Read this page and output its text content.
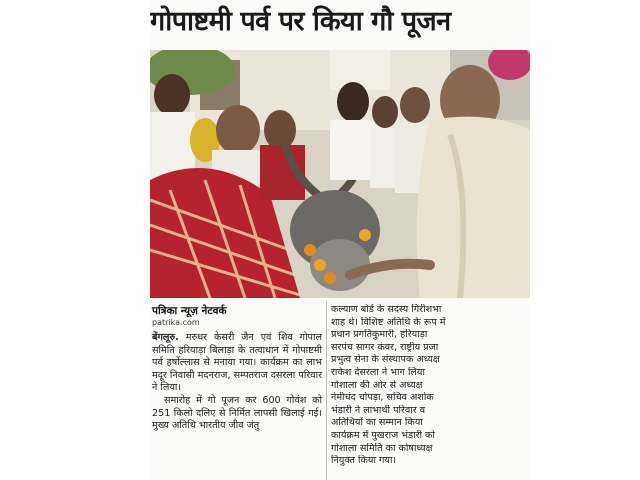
गोपाष्टमी पर्व पर किया गौ पूजन
पत्रिका न्यूज़ नेटवर्क
patrika.com

बेंगलूरु. मरुधर केसरी जैन एवं शिव गोपाल समिति हरियाड़ा बिलाड़ा के तत्वाधान में गोपाष्टमी पर्व हर्षोल्लास से मनाया गया। कार्यक्रम का लाभ मदूर निवासी मदनराज, सम्पतराज दसरला परिवार ने लिया।

समारोह में गो पूजन कर 600 गोवंश को 251 किलो दलिए से निर्मित लापसी खिलाई गई। मुख्य अतिथि भारतीय जीव जंतु

कल्याण बोर्ड के सदस्य गिरीशभा
शाह थे। विशिष्ट अतिथि के रूप में
प्रधान प्रगतिकुमारी, हरियाड़ा
सरपंच सागर कंवर, राष्ट्रीय प्रजा
प्रभुत्व सेना के संस्थापक अध्यक्ष
राकेश देसरला ने भाग लिया
गोशाला की ओर से अध्यक्ष
नेमीचंद चोपड़ा, सचिव अशोक
भंडारी ने लाभार्थी परिवार व
अतिथियों का सम्मान किया
कार्यक्रम में पुखराज भंडारी को
गोशाला समिति का कोषाध्यक्ष
नियुक्त किया गया।
